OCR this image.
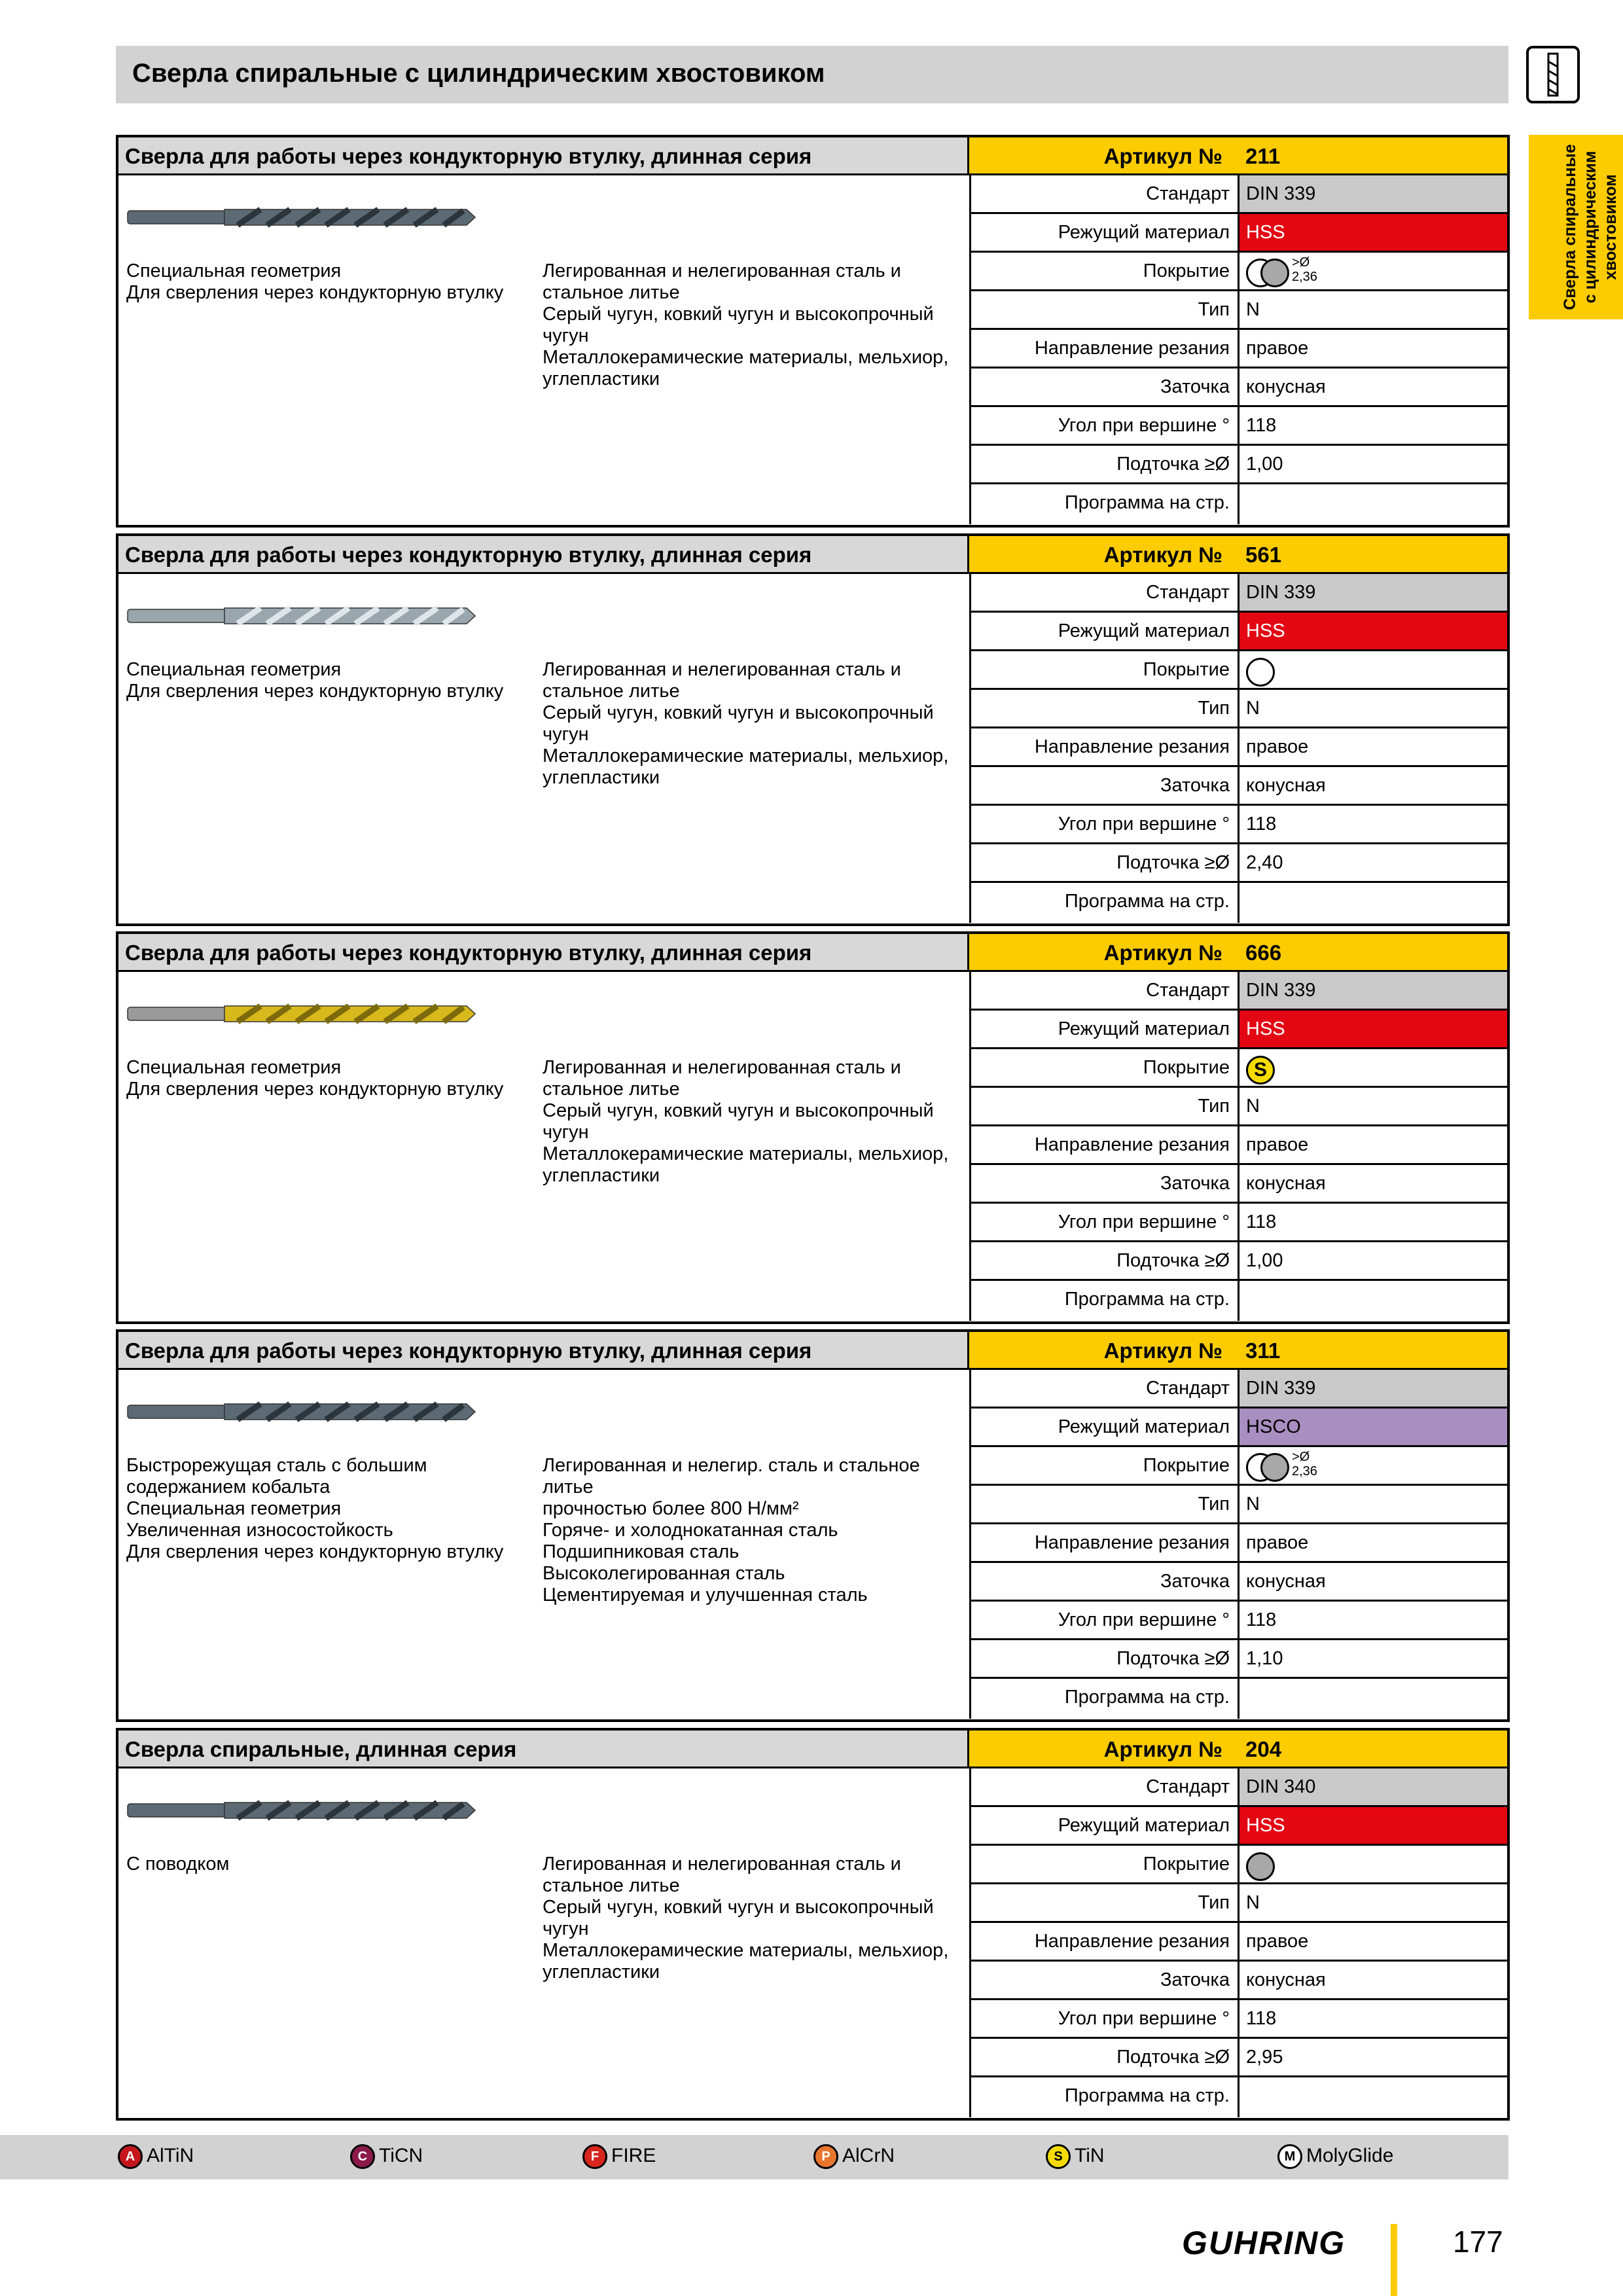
Сверла спиральные с цилиндрическим хвостовиком
Сверла спиральные с цилиндрическим хвостовиком
Сверла для работы через кондукторную втулку, длинная серия	Артикул № 211
Специальная геометрия
Для сверления через кондукторную втулку
Легированная и нелегированная сталь и
стальное литье
Серый чугун, ковкий чугун и высокопрочный
чугун
Металлокерамические материалы, мельхиор,
углепластики
Стандарт DIN 339
Режущий материал HSS
Покрытие	>Ø
2,36
Тип N
Направление резания правое
Заточка конусная
Угол при вершине ° 118
Подточка ≥Ø 1,00
Программа на стр.
Сверла для работы через кондукторную втулку, длинная серия	Артикул № 561
Специальная геометрия
Для сверления через кондукторную втулку
Легированная и нелегированная сталь и
стальное литье
Серый чугун, ковкий чугун и высокопрочный
чугун
Металлокерамические материалы, мельхиор,
углепластики
Стандарт DIN 339
Режущий материал HSS
Покрытие
Тип N
Направление резания правое
Заточка конусная
Угол при вершине ° 118
Подточка ≥Ø 2,40
Программа на стр.
Сверла для работы через кондукторную втулку, длинная серия	Артикул № 666
Специальная геометрия
Для сверления через кондукторную втулку
Легированная и нелегированная сталь и
стальное литье
Серый чугун, ковкий чугун и высокопрочный
чугун
Металлокерамические материалы, мельхиор,
углепластики
Стандарт DIN 339
Режущий материал HSS
Покрытие	S
Тип N
Направление резания правое
Заточка конусная
Угол при вершине ° 118
Подточка ≥Ø 1,00
Программа на стр.
Сверла для работы через кондукторную втулку, длинная серия	Артикул № 311
Быстрорежущая сталь с большим
содержанием кобальта
Специальная геометрия
Увеличенная износостойкость
Для сверления через кондукторную втулку
Легированная и нелегир. сталь и стальное
литье
прочностью более 800 Н/мм²
Горяче- и холоднокатанная сталь
Подшипниковая сталь
Высоколегированная сталь
Цементируемая и улучшенная сталь
Стандарт DIN 339
Режущий материал HSCO
Покрытие	>Ø
2,36
Тип N
Направление резания правое
Заточка конусная
Угол при вершине ° 118
Подточка ≥Ø 1,10
Программа на стр.
Сверла спиральные, длинная серия	Артикул № 204
С поводком	Легированная и нелегированная сталь и
стальное литье
Серый чугун, ковкий чугун и высокопрочный
чугун
Металлокерамические материалы, мельхиор,
углепластики
Стандарт DIN 340
Режущий материал HSS
Покрытие
Тип N
Направление резания правое
Заточка конусная
Угол при вершине ° 118
Подточка ≥Ø 2,95
Программа на стр.
A AlTiN	C TiCN	F FIRE	P AlCrN	S TiN	M MolyGlide
GUHRING	177
